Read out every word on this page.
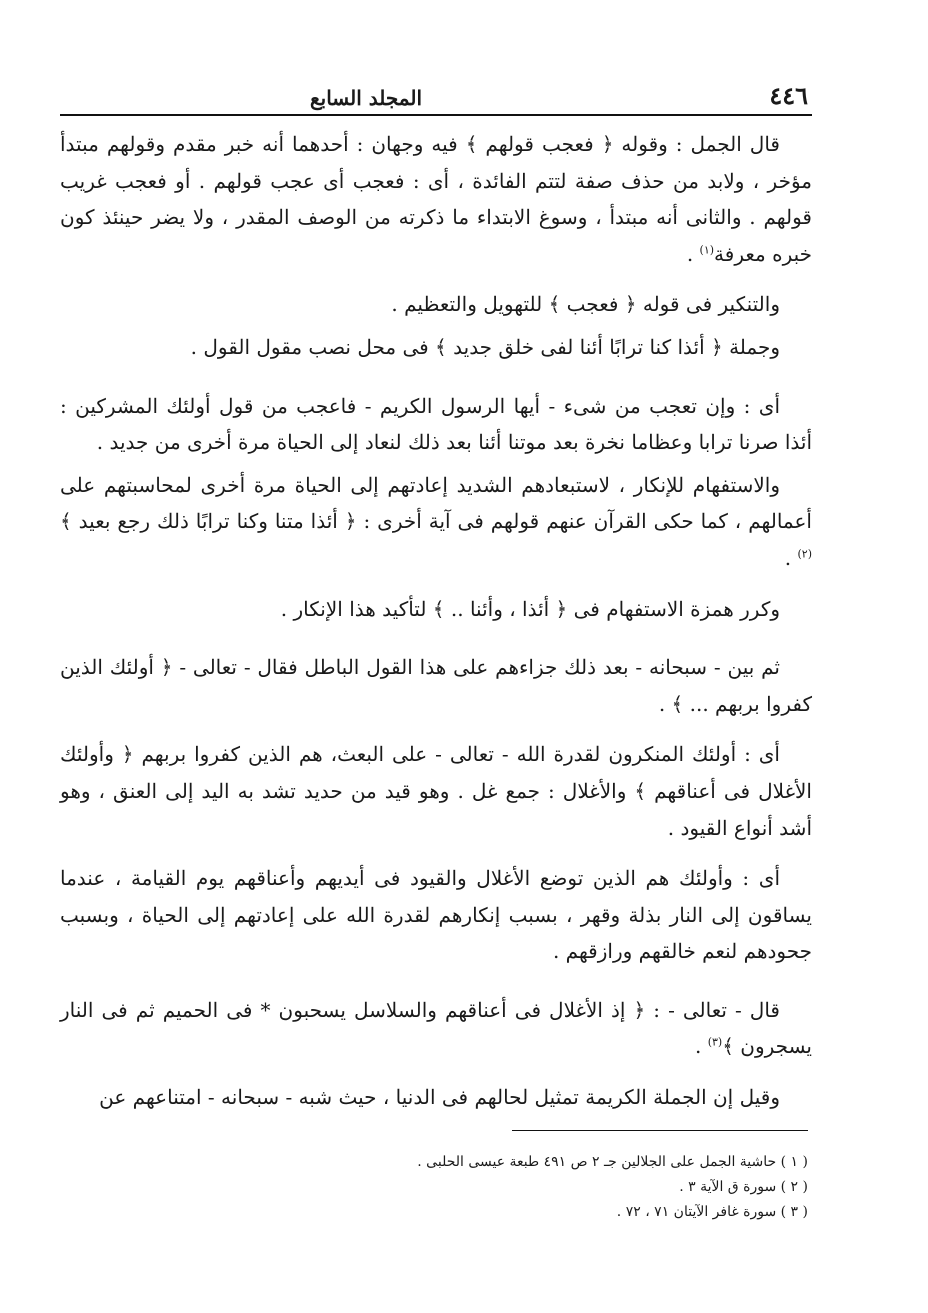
٤٤٦
المجلد السابع

قال الجمل : وقوله ﴿ فعجب قولهم ﴾ فيه وجهان : أحدهما أنه خبر مقدم وقولهم مبتدأ مؤخر ، ولابد من حذف صفة لتتم الفائدة ، أى : فعجب أى عجب قولهم . أو فعجب غريب قولهم . والثانى أنه مبتدأ ، وسوغ الابتداء ما ذكرته من الوصف المقدر ، ولا يضر حينئذ كون خبره معرفة$^{(١)}$ .

والتنكير فى قوله ﴿ فعجب ﴾ للتهويل والتعظيم .

وجملة ﴿ أئذا كنا ترابًا أئنا لفى خلق جديد ﴾ فى محل نصب مقول القول .

أى : وإن تعجب من شىء - أيها الرسول الكريم - فاعجب من قول أولئك المشركين : أئذا صرنا ترابا وعظاما نخرة بعد موتنا أئنا بعد ذلك لنعاد إلى الحياة مرة أخرى من جديد .

والاستفهام للإنكار ، لاستبعادهم الشديد إعادتهم إلى الحياة مرة أخرى لمحاسبتهم على أعمالهم ، كما حكى القرآن عنهم قولهم فى آية أخرى : ﴿ أئذا متنا وكنا ترابًا ذلك رجع بعيد ﴾$^{(٢)}$ .

وكرر همزة الاستفهام فى ﴿ أئذا ، وأئنا .. ﴾ لتأكيد هذا الإنكار .

ثم بين - سبحانه - بعد ذلك جزاءهم على هذا القول الباطل فقال - تعالى - ﴿ أولئك الذين كفروا بربهم ... ﴾ .

أى : أولئك المنكرون لقدرة الله - تعالى - على البعث، هم الذين كفروا بربهم ﴿ وأولئك الأغلال فى أعناقهم ﴾ والأغلال : جمع غل . وهو قيد من حديد تشد به اليد إلى العنق ، وهو أشد أنواع القيود .

أى : وأولئك هم الذين توضع الأغلال والقيود فى أيديهم وأعناقهم يوم القيامة ، عندما يساقون إلى النار بذلة وقهر ، بسبب إنكارهم لقدرة الله على إعادتهم إلى الحياة ، وبسبب جحودهم لنعم خالقهم ورازقهم .

قال - تعالى - : ﴿ إذ الأغلال فى أعناقهم والسلاسل يسحبون * فى الحميم ثم فى النار يسجرون ﴾$^{(٣)}$ .

وقيل إن الجملة الكريمة تمثيل لحالهم فى الدنيا ، حيث شبه - سبحانه - امتناعهم عن

( ١ ) حاشية الجمل على الجلالين جـ ٢ ص ٤٩١ طبعة عيسى الحلبى .
( ٢ ) سورة ق الآية ٣ .
( ٣ ) سورة غافر الآيتان ٧١ ، ٧٢ .
